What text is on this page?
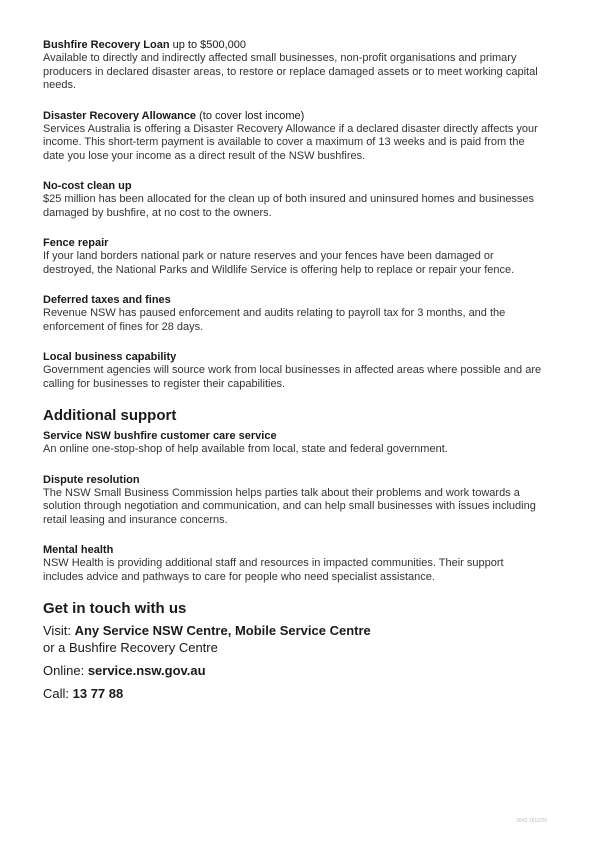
Bushfire Recovery Loan up to $500,000
Available to directly and indirectly affected small businesses, non-profit organisations and primary producers in declared disaster areas, to restore or replace damaged assets or to meet working capital needs.
Disaster Recovery Allowance (to cover lost income)
Services Australia is offering a Disaster Recovery Allowance if a declared disaster directly affects your income. This short-term payment is available to cover a maximum of 13 weeks and is paid from the date you lose your income as a direct result of the NSW bushfires.
No-cost clean up
$25 million has been allocated for the clean up of both insured and uninsured homes and businesses damaged by bushfire, at no cost to the owners.
Fence repair
If your land borders national park or nature reserves and your fences have been damaged or destroyed, the National Parks and Wildlife Service is offering help to replace or repair your fence.
Deferred taxes and fines
Revenue NSW has paused enforcement and audits relating to payroll tax for 3 months, and the enforcement of fines for 28 days.
Local business capability
Government agencies will source work from local businesses in affected areas where possible and are calling for businesses to register their capabilities.
Additional support
Service NSW bushfire customer care service
An online one-stop-shop of help available from local, state and federal government.
Dispute resolution
The NSW Small Business Commission helps parties talk about their problems and work towards a solution through negotiation and communication, and can help small businesses with issues including retail leasing and insurance concerns.
Mental health
NSW Health is providing additional staff and resources in impacted communities. Their support includes advice and pathways to care for people who need specialist assistance.
Get in touch with us
Visit: Any Service NSW Centre, Mobile Service Centre
or a Bushfire Recovery Centre
Online: service.nsw.gov.au
Call: 13 77 88
2642 1612/20
